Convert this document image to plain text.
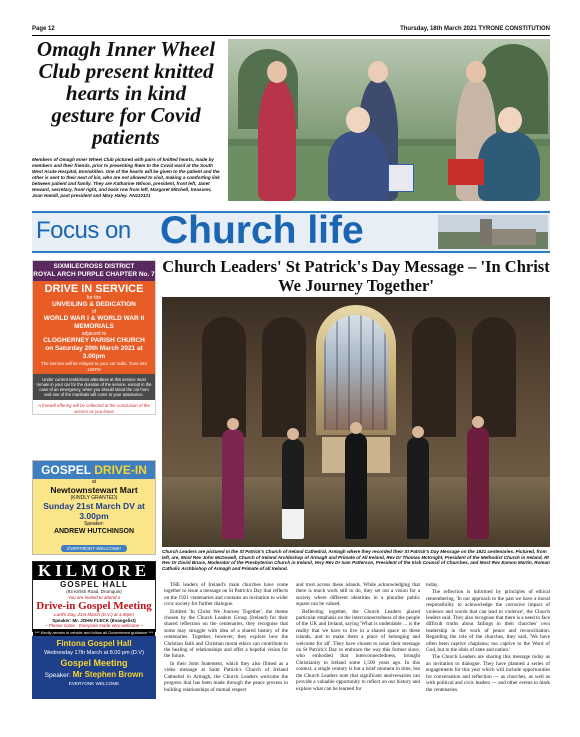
Page 12	Thursday, 18th March 2021 TYRONE CONSTITUTION
Omagh Inner Wheel Club present knitted hearts in kind gesture for Covid patients
Members of Omagh Inner Wheel Club pictured with pairs of knitted hearts, made by members and their friends, prior to presenting them to the Covid ward at the South West Acute Hospital, Enniskillen. One of the hearts will be given to the patient and the other is sent to their next of kin, who are not allowed to visit, making a comforting link between patient and family. They are Katharine Wilson, president, front left, Janet Howard, secretary, front right, and back row from left, Margaret Mitchell, treasurer, Joan Hamill, past president and Mary Haley. AN110121
Focus on Church life
SIXMILECROSS DISTRICT
ROYAL ARCH PURPLE CHAPTER No. 7
DRIVE IN SERVICE
for the
UNVEILING & DEDICATION
of
WORLD WAR I & WORLD WAR II MEMORIALS
adjacent to
CLOGHERNEY PARISH CHURCH
on Saturday 20th March 2021 at 3.00pm
The Service will be relayed to your car radio. Tune into 104FM
Under current restrictions attendees at this service must remain in your car for the duration of the service, except in the case of an emergency, when you should stand the car horn and one of the marshals will come to your assistance.
A freewill offering will be collected at the conclusion of the service as you leave
GOSPEL DRIVE-IN
at
Newtownstewart Mart
(KINDLY GRANTED)
Sunday 21st March DV at 3.00pm
Speaker:
ANDREW HUTCHINSON
EVERYBODY WELCOME!
KILMORE
GOSPEL HALL
(93 Kirlish Road, Drumquin)
You are invited to attend a
Drive-in Gospel Meeting
Lord's Day, 21st March (D.V.) at 3.00pm
Speaker: Mr. JOHN FLECK (Evangelist)
~ Please come - Everyone made very welcome ~
*** Kindly remain in vehicle and follow all Government guidance ***
Fintona Gospel Hall
Wednesday 17th March at 8.00 pm (D.V)
Gospel Meeting
Speaker: Mr Stephen Brown
EVERYONE WELCOME
Church Leaders' St Patrick's Day Message – 'In Christ We Journey Together'
Church Leaders are pictured in the St Patrick's Church of Ireland Cathedral, Armagh where they recorded their St Patrick's Day Message on the 1921 centenaries. Pictured, from left, are, Most Rev John McDowell, Church of Ireland Archbishop of Armagh and Primate of All Ireland, Rev Dr Thomas McKnight, President of the Methodist Church in Ireland, Rt Rev Dr David Bruce, Moderator of the Presbyterian Church in Ireland, Very Rev Dr Ivan Patterson, President of the Irish Council of Churches, and Most Rev Eamon Martin, Roman Catholic Archbishop of Armagh and Primate of all Ireland.

THE leaders of Ireland's main churches have come together to issue a message on St Patrick's Day that reflects on the 1921 centenaries and contains an invitation to wider civic society for further dialogue.

Entitled 'In Christ We Journey Together', the theme chosen by the Church Leaders Group (Ireland) for their shared reflection on the centenaries, they recognise that some may struggle with idea of a shared history of the centenaries. Together, however, they explore how the Christian faith and Christian moral ethics can contribute to the healing of relationships and offer a hopeful vision for the future.

In their Joint Statement, which they also filmed as a video message at Saint Patrick's Church of Ireland Cathedral in Armagh, the Church Leaders welcome the progress that has been made through the peace process in building relationships of mutual respect

and trust across these islands. While acknowledging that there is much work still to do, they set out a vision for a society where different identities in a pluralist public square can be valued.

Reflecting together, the Church Leaders placed particular emphasis on the interconnectedness of the people of the UK and Ireland, saying 'What is undeniable ... is the reality that we have to live in a shared space on these islands, and to make them a place of belonging and welcome for all'. They have chosen to issue their message on St Patrick's Day to embrace the way this former slave, who embodied that interconnectedness, brought Christianity to Ireland some 1,500 years ago. In this context, a single century is but a brief moment in time, but the Church Leaders note that significant anniversaries can provide a valuable opportunity to reflect on our history and explore what can be learned for

today.

The reflection is informed by principles of ethical remembering, 'In our approach to the past we have a moral responsibility to acknowledge the corrosive impact of violence and words that can lead to violence', the Church leaders said. They also recognise that there is a need to face difficult truths about failings in their churches' own leadership in the work of peace and reconciliation. Regarding the role of the churches, they said, 'We have often been captive chaplains; too captive to the Word of God, but to the idols of state and nation.'

The Church Leaders are sharing this message today as an invitation to dialogue. They have planned a series of engagements for this year which will include opportunities for conversation and reflection — as churches, as well as with political and civic leaders — and other events to mark the centenaries.
